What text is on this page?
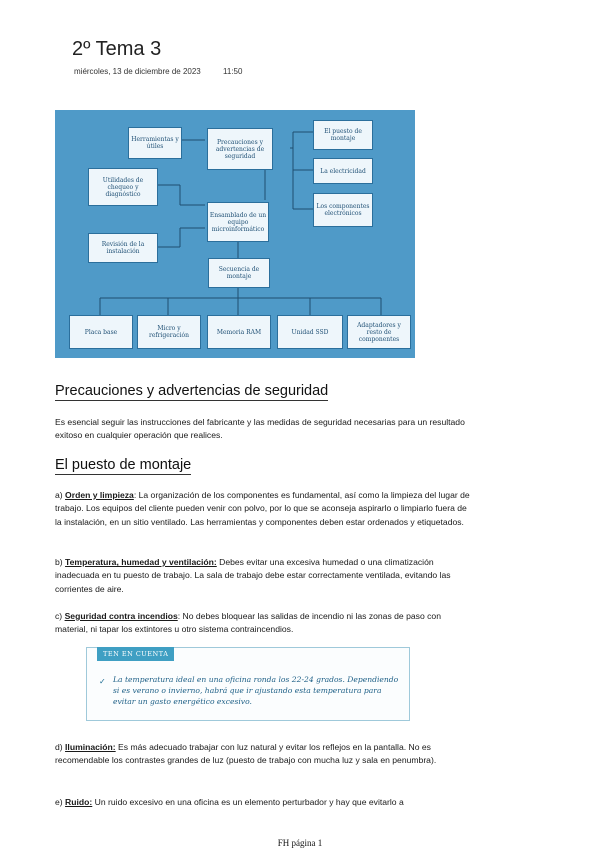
2º Tema 3
miércoles, 13 de diciembre de 2023	11:50
Herramientas y útiles
Precauciones y advertencias de seguridad
El puesto de montaje
La electricidad
Los componentes electrónicos
Utilidades de chequeo y diagnóstico
Ensamblado de un equipo microinformático
Revisión de la instalación
Secuencia de montaje
Placa base	Micro y refrigeración	Memoria RAM	Unidad SSD
Adaptadores y resto de componentes
Precauciones y advertencias de seguridad

Es esencial seguir las instrucciones del fabricante y las medidas de seguridad necesarias para un resultado exitoso en cualquier operación que realices.

El puesto de montaje

a) Orden y limpieza: La organización de los componentes es fundamental, así como la limpieza del lugar de trabajo. Los equipos del cliente pueden venir con polvo, por lo que se aconseja aspirarlo o limpiarlo fuera de la instalación, en un sitio ventilado. Las herramientas y componentes deben estar ordenados y etiquetados.

b) Temperatura, humedad y ventilación: Debes evitar una excesiva humedad o una climatización inadecuada en tu puesto de trabajo. La sala de trabajo debe estar correctamente ventilada, evitando las corrientes de aire.

c) Seguridad contra incendios: No debes bloquear las salidas de incendio ni las zonas de paso con material, ni tapar los extintores u otro sistema contraincendios.

TEN EN CUENTA
✓ La temperatura ideal en una oficina ronda los 22-24 grados. Dependiendo si es verano o invierno, habrá que ir ajustando esta temperatura para evitar un gasto energético excesivo.

d) Iluminación: Es más adecuado trabajar con luz natural y evitar los reflejos en la pantalla. No es recomendable los contrastes grandes de luz (puesto de trabajo con mucha luz y sala en penumbra).

e) Ruido: Un ruido excesivo en una oficina es un elemento perturbador y hay que evitarlo a

FH página 1
